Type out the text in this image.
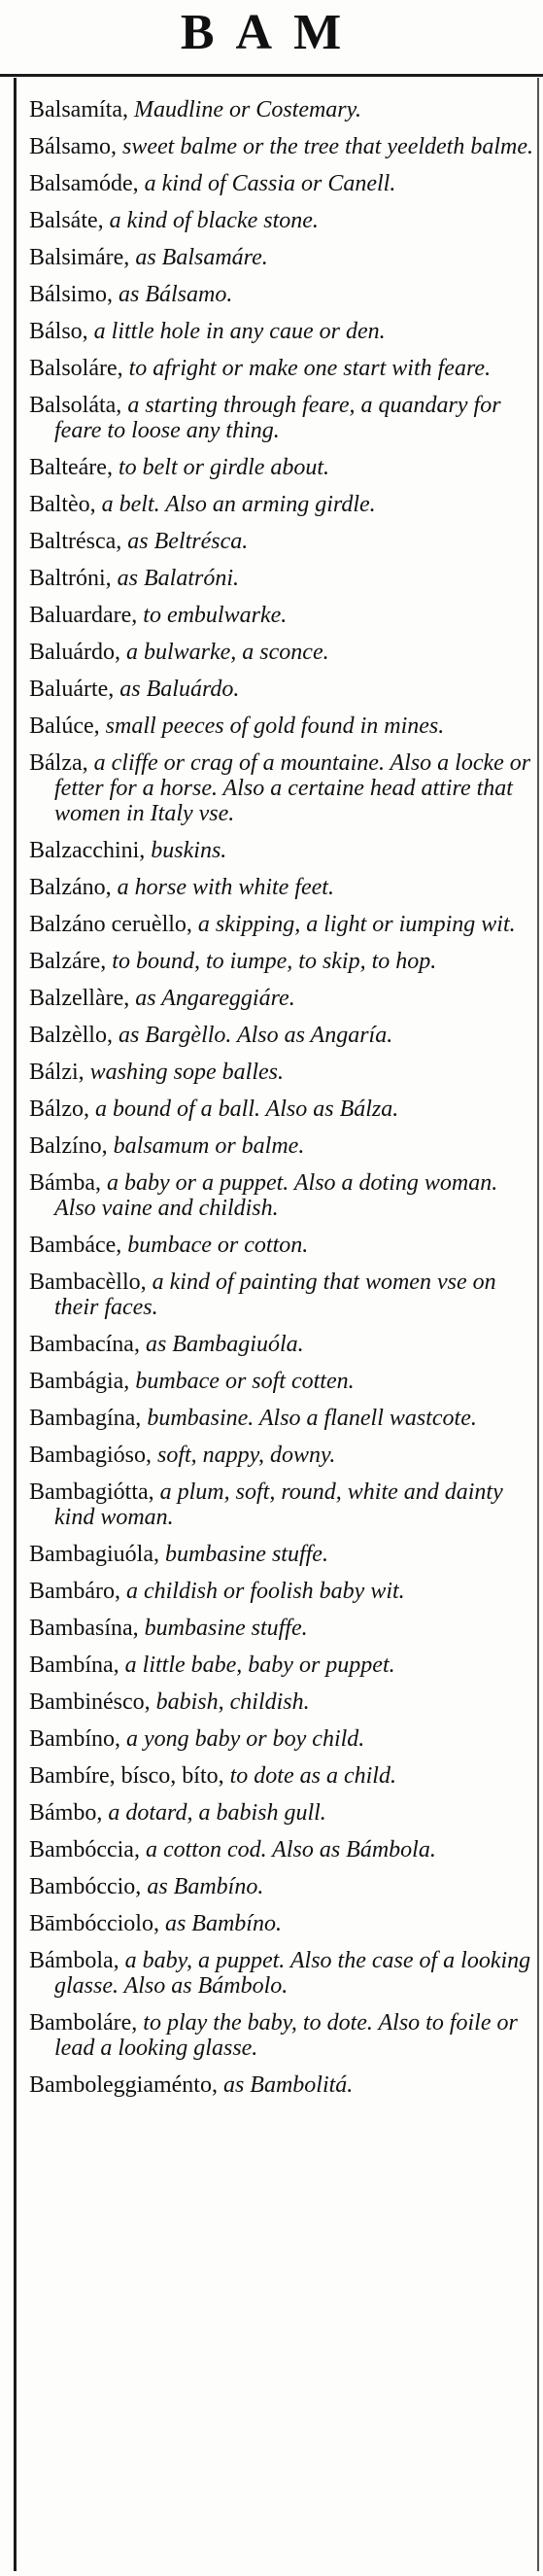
BAM
Balsamíta, Maudline or Costemary.
Bálsamo, sweet balme or the tree that yeeldeth balme.
Balsamóde, a kind of Cassia or Canell.
Balsáte, a kind of blacke stone.
Balsimáre, as Balsamáre.
Bálsimo, as Bálsamo.
Bálso, a little hole in any caue or den.
Balsoláre, to afright or make one start with feare.
Balsoláta, a starting through feare, a quandary for feare to loose any thing.
Balteáre, to belt or girdle about.
Baltèo, a belt. Also an arming girdle.
Baltrésca, as Beltrésca.
Baltróni, as Balatróni.
Baluardare, to embulwarke.
Baluárdo, a bulwarke, a sconce.
Baluárte, as Baluárdo.
Balúce, small peeces of gold found in mines.
Bálza, a cliffe or crag of a mountaine. Also a locke or fetter for a horse. Also a certaine head attire that women in Italy vse.
Balzacchini, buskins.
Balzáno, a horse with white feet.
Balzáno ceruèllo, a skipping, a light or iumping wit.
Balzáre, to bound, to iumpe, to skip, to hop.
Balzellàre, as Angareggiáre.
Balzèllo, as Bargèllo. Also as Angaría.
Bálzi, washing sope balles.
Bálzo, a bound of a ball. Also as Bálza.
Balzíno, balsamum or balme.
Bámba, a baby or a puppet. Also a doting woman. Also vaine and childish.
Bambáce, bumbace or cotton.
Bambacèllo, a kind of painting that women vse on their faces.
Bambacína, as Bambagiuóla.
Bambágia, bumbace or soft cotten.
Bambagína, bumbasine. Also a flanell wastcote.
Bambagióso, soft, nappy, downy.
Bambagiótta, a plum, soft, round, white and dainty kind woman.
Bambagiuóla, bumbasine stuffe.
Bambáro, a childish or foolish baby wit.
Bambasína, bumbasine stuffe.
Bambína, a little babe, baby or puppet.
Bambinésco, babish, childish.
Bambíno, a yong baby or boy child.
Bambíre, bísco, bíto, to dote as a child.
Bámbo, a dotard, a babish gull.
Bambóccia, a cotton cod. Also as Bámbola.
Bambóccio, as Bambíno.
Bāmbócciolo, as Bambíno.
Bámbola, a baby, a puppet. Also the case of a looking glasse. Also as Bámbolo.
Bamboláre, to play the baby, to dote. Also to foile or lead a looking glasse.
Bamboleggiaménto, as Bambolitá.
